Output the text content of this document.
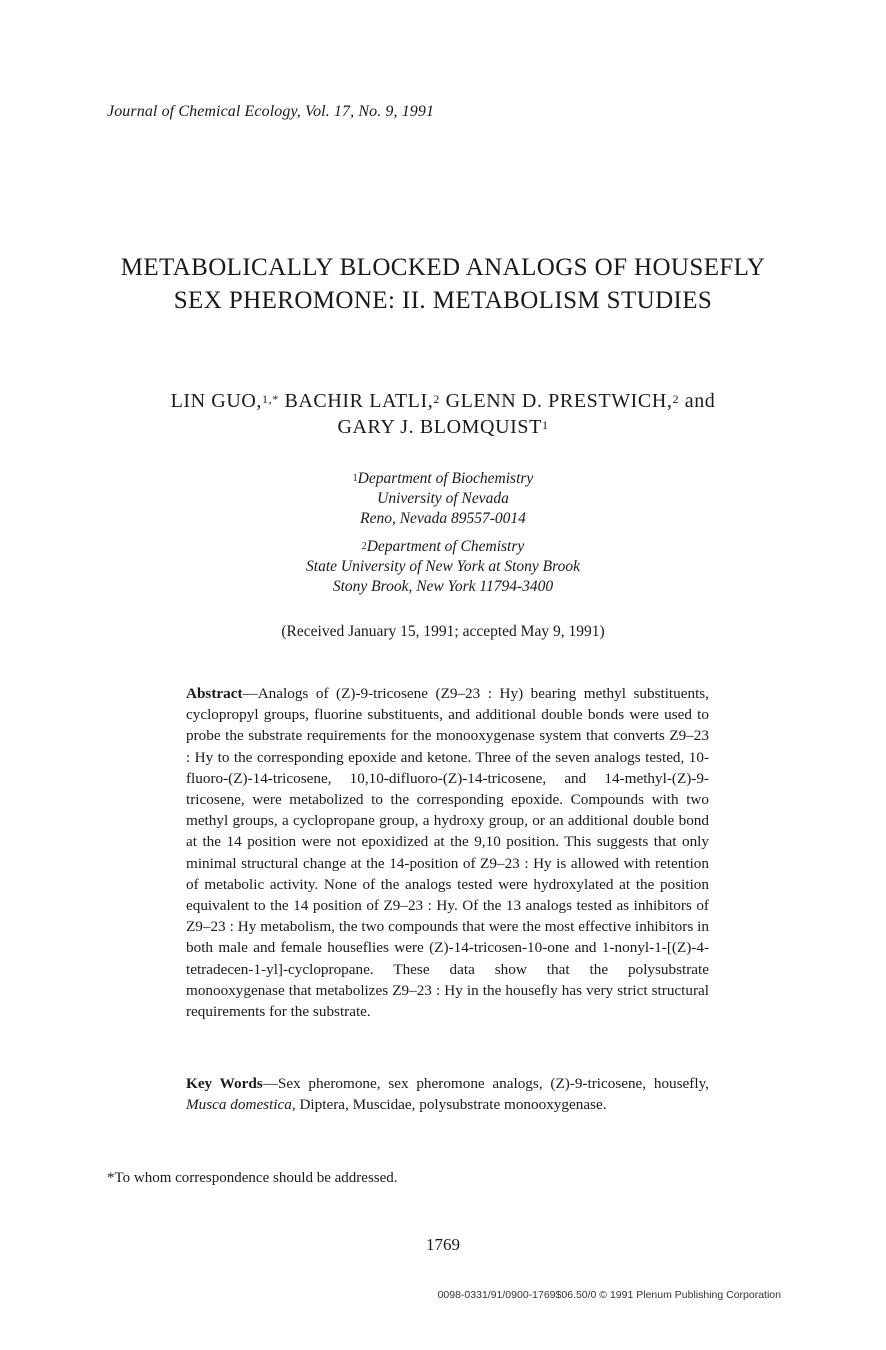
Journal of Chemical Ecology, Vol. 17, No. 9, 1991
METABOLICALLY BLOCKED ANALOGS OF HOUSEFLY
SEX PHEROMONE: II. METABOLISM STUDIES
LIN GUO,$^{1,*}$ BACHIR LATLI,$^2$ GLENN D. PRESTWICH,$^2$ and
GARY J. BLOMQUIST$^1$
$^1$Department of Biochemistry
University of Nevada
Reno, Nevada 89557-0014
$^2$Department of Chemistry
State University of New York at Stony Brook
Stony Brook, New York 11794-3400
(Received January 15, 1991; accepted May 9, 1991)
Abstract—Analogs of (Z)-9-tricosene (Z9–23 : Hy) bearing methyl substituents, cyclopropyl groups, fluorine substituents, and additional double bonds were used to probe the substrate requirements for the monooxygenase system that converts Z9–23 : Hy to the corresponding epoxide and ketone. Three of the seven analogs tested, 10-fluoro-(Z)-14-tricosene, 10,10-difluoro-(Z)-14-tricosene, and 14-methyl-(Z)-9-tricosene, were metabolized to the corresponding epoxide. Compounds with two methyl groups, a cyclopropane group, a hydroxy group, or an additional double bond at the 14 position were not epoxidized at the 9,10 position. This suggests that only minimal structural change at the 14-position of Z9–23 : Hy is allowed with retention of metabolic activity. None of the analogs tested were hydroxylated at the position equivalent to the 14 position of Z9–23 : Hy. Of the 13 analogs tested as inhibitors of Z9–23 : Hy metabolism, the two compounds that were the most effective inhibitors in both male and female houseflies were (Z)-14-tricosen-10-one and 1-nonyl-1-[(Z)-4-tetradecen-1-yl]-cyclopropane. These data show that the polysubstrate monooxygenase that metabolizes Z9–23 : Hy in the housefly has very strict structural requirements for the substrate.
Key Words—Sex pheromone, sex pheromone analogs, (Z)-9-tricosene, housefly, Musca domestica, Diptera, Muscidae, polysubstrate monooxygenase.
*To whom correspondence should be addressed.
1769
0098-0331/91/0900-1769$06.50/0 © 1991 Plenum Publishing Corporation
